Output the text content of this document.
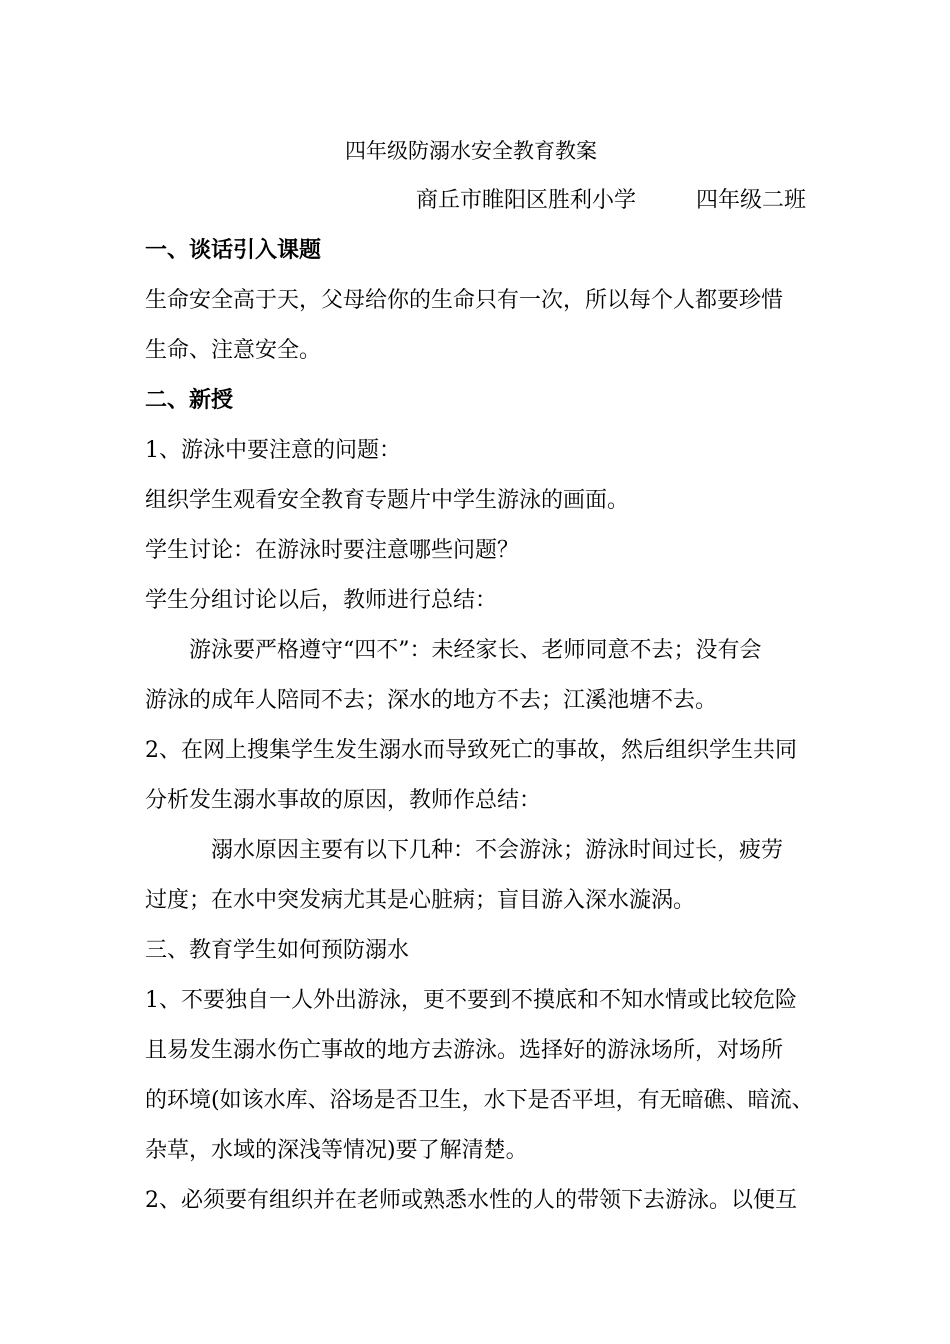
四年级防溺水安全教育教案
商丘市睢阳区胜利小学	四年级二班
一、谈话引入课题
生命安全高于天，父母给你的生命只有一次，所以每个人都要珍惜
生命、注意安全。
二、新授
1、游泳中要注意的问题：
组织学生观看安全教育专题片中学生游泳的画面。
学生讨论：在游泳时要注意哪些问题？
学生分组讨论以后，教师进行总结：
游泳要严格遵守“四不”：未经家长、老师同意不去；没有会
游泳的成年人陪同不去；深水的地方不去；江溪池塘不去。
2、在网上搜集学生发生溺水而导致死亡的事故，然后组织学生共同
分析发生溺水事故的原因，教师作总结：
溺水原因主要有以下几种：不会游泳；游泳时间过长，疲劳
过度；在水中突发病尤其是心脏病；盲目游入深水漩涡。
三、教育学生如何预防溺水
1、不要独自一人外出游泳，更不要到不摸底和不知水情或比较危险
且易发生溺水伤亡事故的地方去游泳。选择好的游泳场所，对场所
的环境(如该水库、浴场是否卫生，水下是否平坦，有无暗礁、暗流、
杂草，水域的深浅等情况)要了解清楚。
2、必须要有组织并在老师或熟悉水性的人的带领下去游泳。以便互
